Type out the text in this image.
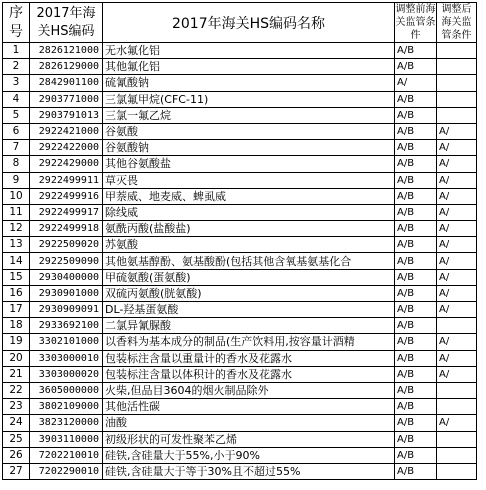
序号	2017年海关HS编码	2017年海关HS编码名称	调整前海关监管条件	调整后海关监管条件
1	2826121000	无水氟化铝	A/B	
2	2826129000	其他氟化铝	A/B	
3	2842901100	硫氰酸钠	A/	
4	2903771000	三氯氟甲烷(CFC-11)	A/B	
5	2903791013	三氯一氟乙烷	A/B	
6	2922421000	谷氨酸	A/B	A/
7	2922422000	谷氨酸钠	A/B	A/
8	2922429000	其他谷氨酸盐	A/B	A/
9	2922499911	草灭畏	A/B	A/
10	2922499916	甲萘威、地麦威、蜱虱威	A/B	A/
11	2922499917	除线威	A/B	A/
12	2922499918	氨酰丙酸(盐酸盐)	A/B	A/
13	2922509020	苏氨酸	A/B	A/
14	2922509090	其他氨基醇酚、氨基酸酚(包括其他含氧基氨基化合	A/B	A/
15	2930400000	甲硫氨酸(蛋氨酸)	A/B	A/
16	2930901000	双硫丙氨酸(胱氨酸)	A/B	A/
17	2930909091	DL-羟基蛋氨酸	A/B	A/
18	2933692100	二氯异氰脲酸	A/B	
19	3302101000	以香料为基本成分的制品(生产饮料用,按容量计酒精	A/B	A/
20	3303000010	包装标注含量以重量计的香水及花露水	A/B	A/
21	3303000020	包装标注含量以体积计的香水及花露水	A/B	A/
22	3605000000	火柴,但品目3604的烟火制品除外	A/B	
23	3802109000	其他活性碳	A/B	
24	3823120000	油酸	A/B	A/
25	3903110000	初级形状的可发性聚苯乙烯	A/B	
26	7202210010	硅铁,含硅量大于55%,小于90%	A/B	
27	7202290010	硅铁,含硅量大于等于30%且不超过55%	A/B	
